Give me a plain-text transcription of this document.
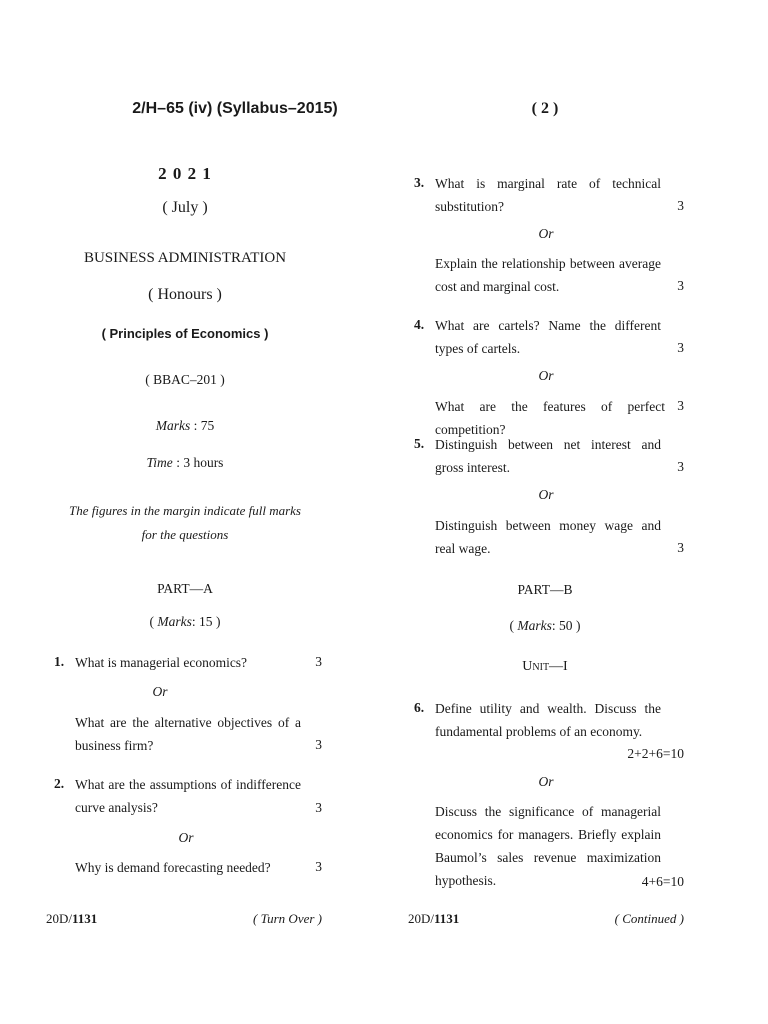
2/H–65 (iv) (Syllabus–2015)
2 0 2 1
( July )
BUSINESS ADMINISTRATION
( Honours )
( Principles of Economics )
( BBAC–201 )
Marks : 75
Time : 3 hours
The figures in the margin indicate full marks
for the questions
PART—A
( Marks: 15 )
1. What is managerial economics?	3
Or
What are the alternative objectives of a business firm?	3
2. What are the assumptions of indifference curve analysis?	3
Or
Why is demand forecasting needed?	3
20D/1131	( Turn Over )
( 2 )
3. What is marginal rate of technical substitution?	3
Or
Explain the relationship between average cost and marginal cost.	3
4. What are cartels? Name the different types of cartels.	3
Or
What are the features of perfect competition?
3
5. Distinguish between net interest and gross interest.	3
Or
Distinguish between money wage and real wage.	3
PART—B
( Marks: 50 )
Unit—I
6. Define utility and wealth. Discuss the fundamental problems of an economy.
2+2+6=10
Or
Discuss the significance of managerial economics for managers. Briefly explain Baumol’s sales revenue maximization hypothesis.	4+6=10
20D/1131	( Continued )
